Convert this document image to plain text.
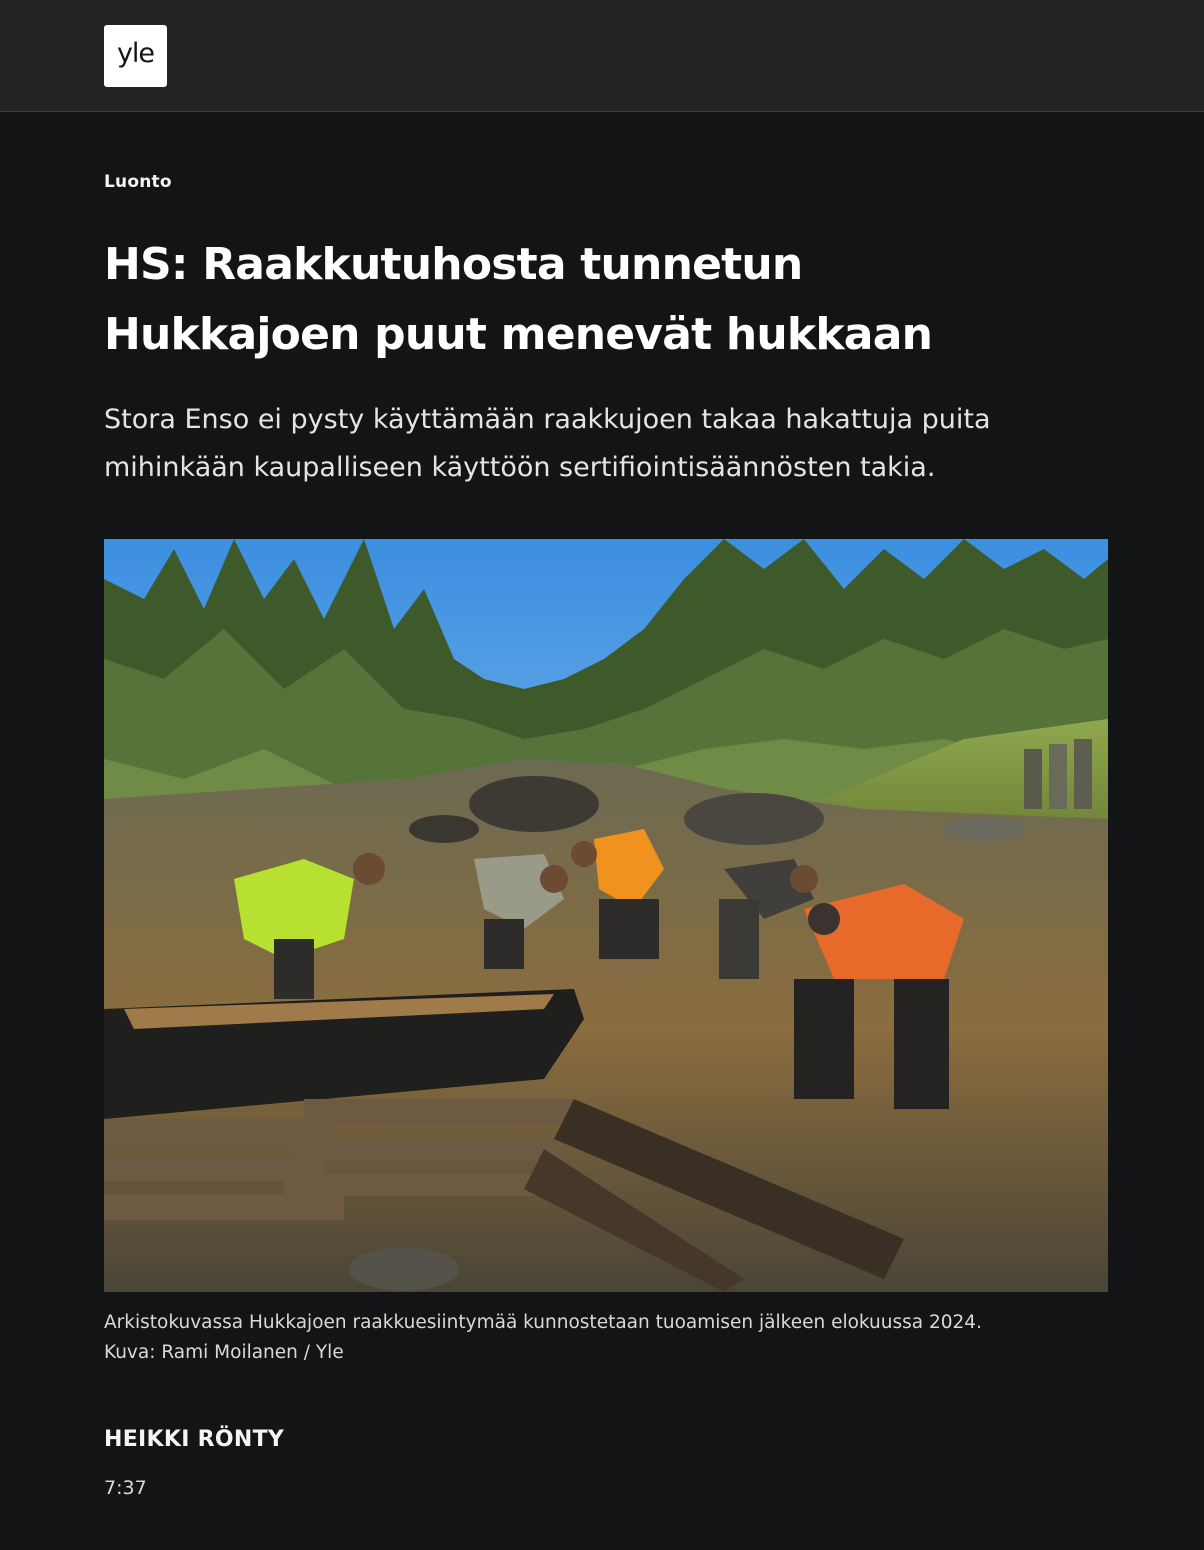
yle
Luonto
HS: Raakkutuhosta tunnetun
Hukkajoen puut menevät hukkaan

Stora Enso ei pysty käyttämään raakkujoen takaa hakattuja puita
mihinkään kaupalliseen käyttöön sertifiointisäännösten takia.

Arkistokuvassa Hukkajoen raakkuesiintymää kunnostetaan tuoamisen jälkeen elokuussa 2024.
Kuva: Rami Moilanen / Yle
HEIKKI RÖNTY
7:37
